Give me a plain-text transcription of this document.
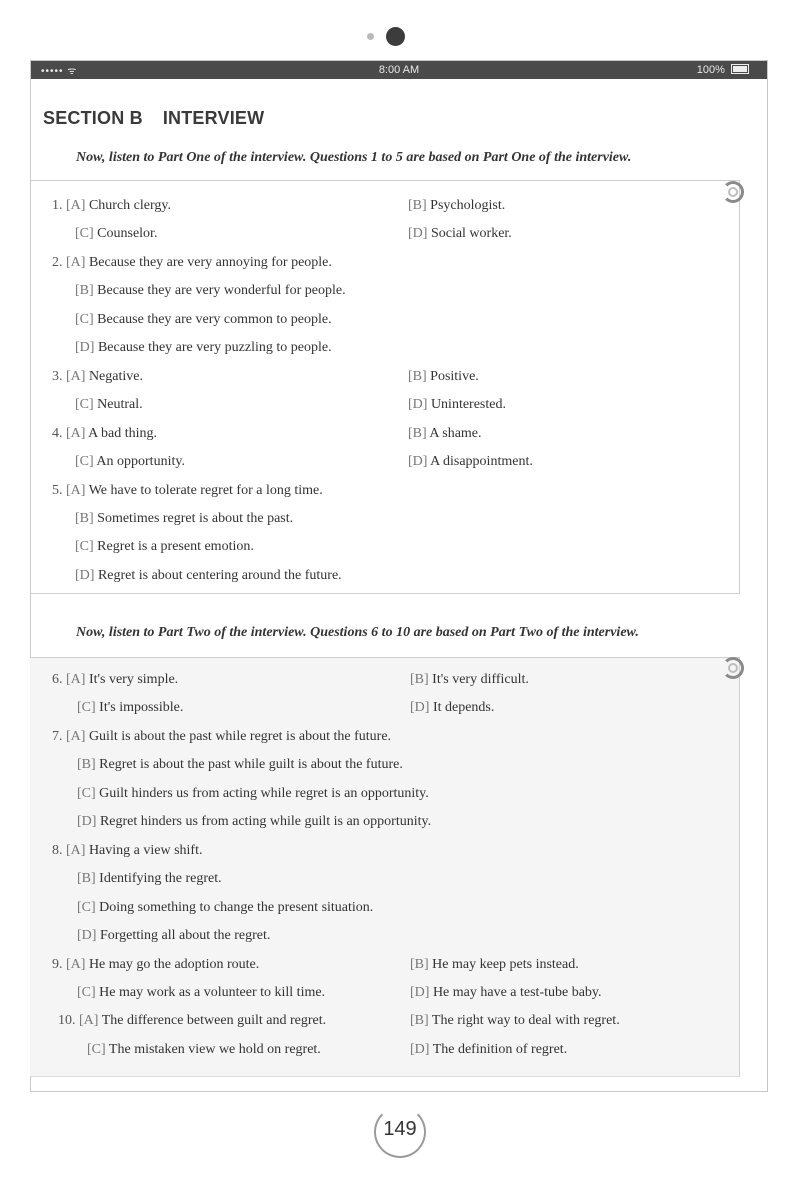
••••• ᯤ	8:00 AM	100%
SECTION B INTERVIEW
Now, listen to Part One of the interview. Questions 1 to 5 are based on Part One of the interview.
Now, listen to Part Two of the interview. Questions 6 to 10 are based on Part Two of the interview.
1. [A] Church clergy.	[B] Psychologist.
[C] Counselor.	[D] Social worker.
2. [A] Because they are very annoying for people.
[B] Because they are very wonderful for people.
[C] Because they are very common to people.
[D] Because they are very puzzling to people.
3. [A] Negative.	[B] Positive.
[C] Neutral.	[D] Uninterested.
4. [A] A bad thing.	[B] A shame.
[C] An opportunity.	[D] A disappointment.
5. [A] We have to tolerate regret for a long time.
[B] Sometimes regret is about the past.
[C] Regret is a present emotion.
[D] Regret is about centering around the future.
6. [A] It's very simple.	[B] It's very difficult.
[C] It's impossible.	[D] It depends.
7. [A] Guilt is about the past while regret is about the future.
[B] Regret is about the past while guilt is about the future.
[C] Guilt hinders us from acting while regret is an opportunity.
[D] Regret hinders us from acting while guilt is an opportunity.
8. [A] Having a view shift.
[B] Identifying the regret.
[C] Doing something to change the present situation.
[D] Forgetting all about the regret.
9. [A] He may go the adoption route.	[B] He may keep pets instead.
[C] He may work as a volunteer to kill time.	[D] He may have a test-tube baby.
10. [A] The difference between guilt and regret.	[B] The right way to deal with regret.
[C] The mistaken view we hold on regret.	[D] The definition of regret.
149
